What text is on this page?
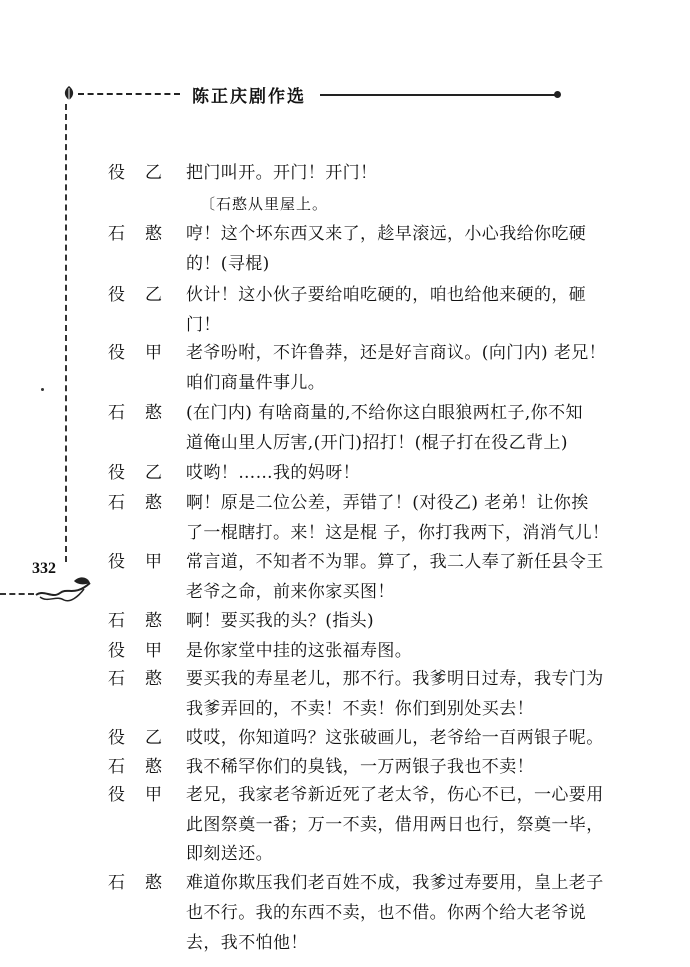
陈正庆剧作选
332
役乙 把门叫开。开门！开门！
〔石憨从里屋上。
石憨 哼！这个坏东西又来了，趁早滚远，小心我给你吃硬
的！(寻棍)
役乙 伙计！这小伙子要给咱吃硬的，咱也给他来硬的，砸
门！
役甲 老爷吩咐，不许鲁莽，还是好言商议。(向门内) 老兄！
咱们商量件事儿。
石憨 (在门内) 有啥商量的,不给你这白眼狼两杠子,你不知
道俺山里人厉害,(开门)招打！(棍子打在役乙背上)
役乙 哎哟！……我的妈呀！
石憨 啊！原是二位公差，弄错了！(对役乙) 老弟！让你挨
了一棍瞎打。来！这是棍 子，你打我两下，消消气儿！
役甲 常言道，不知者不为罪。算了，我二人奉了新任县令王
老爷之命，前来你家买图！
石憨 啊！要买我的头？(指头)
役甲 是你家堂中挂的这张福寿图。
石憨 要买我的寿星老儿，那不行。我爹明日过寿，我专门为
我爹弄回的，不卖！不卖！你们到别处买去！
役乙 哎哎，你知道吗？这张破画儿，老爷给一百两银子呢。
石憨 我不稀罕你们的臭钱，一万两银子我也不卖！
役甲 老兄，我家老爷新近死了老太爷，伤心不已，一心要用
此图祭奠一番；万一不卖，借用两日也行，祭奠一毕，
即刻送还。
石憨 难道你欺压我们老百姓不成，我爹过寿要用，皇上老子
也不行。我的东西不卖，也不借。你两个给大老爷说
去，我不怕他！
